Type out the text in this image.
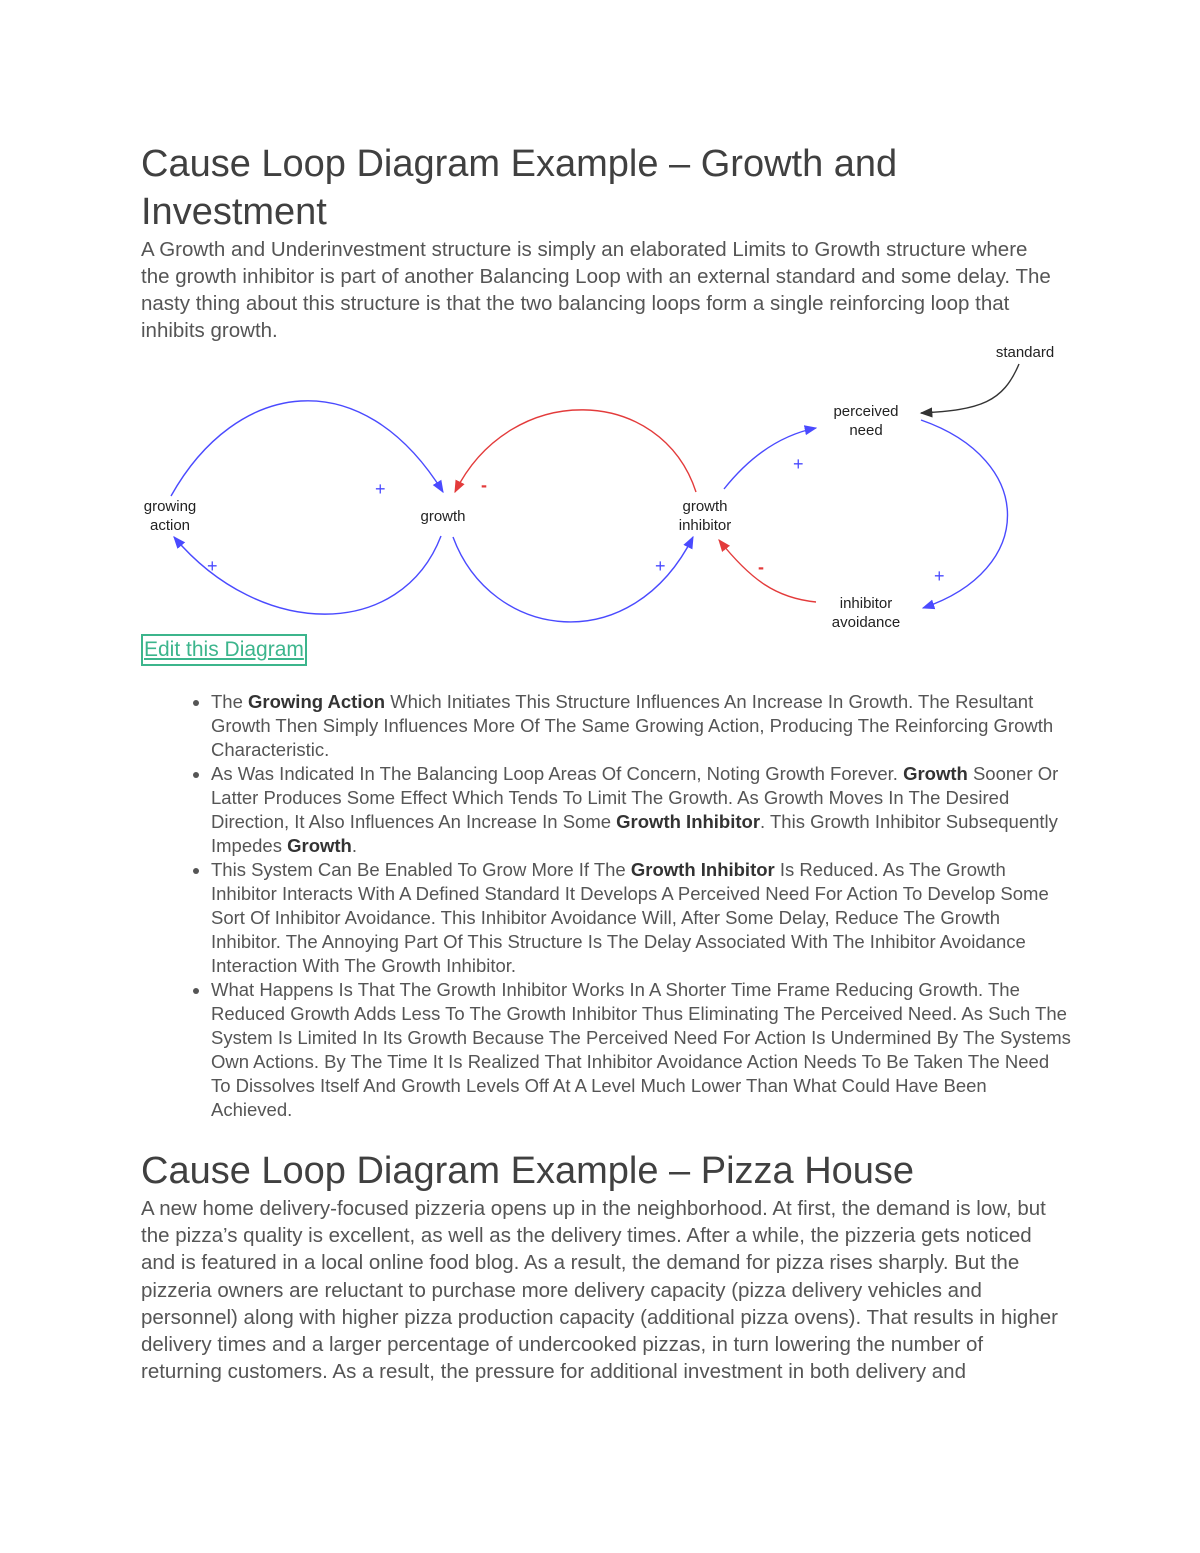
Cause Loop Diagram Example – Growth and Investment

A Growth and Underinvestment structure is simply an elaborated Limits to Growth structure where the growth inhibitor is part of another Balancing Loop with an external standard and some delay. The nasty thing about this structure is that the two balancing loops form a single reinforcing loop that inhibits growth.

growing
action
growth
growth
inhibitor
perceived
need
standard
inhibitor
avoidance
+
+
-
+
+
+
-
Edit this Diagram
• The Growing Action Which Initiates This Structure Influences An Increase In Growth. The Resultant Growth Then Simply Influences More Of The Same Growing Action, Producing The Reinforcing Growth Characteristic.
• As Was Indicated In The Balancing Loop Areas Of Concern, Noting Growth Forever. Growth Sooner Or Latter Produces Some Effect Which Tends To Limit The Growth. As Growth Moves In The Desired Direction, It Also Influences An Increase In Some Growth Inhibitor. This Growth Inhibitor Subsequently Impedes Growth.
• This System Can Be Enabled To Grow More If The Growth Inhibitor Is Reduced. As The Growth Inhibitor Interacts With A Defined Standard It Develops A Perceived Need For Action To Develop Some Sort Of Inhibitor Avoidance. This Inhibitor Avoidance Will, After Some Delay, Reduce The Growth Inhibitor. The Annoying Part Of This Structure Is The Delay Associated With The Inhibitor Avoidance Interaction With The Growth Inhibitor.
• What Happens Is That The Growth Inhibitor Works In A Shorter Time Frame Reducing Growth. The Reduced Growth Adds Less To The Growth Inhibitor Thus Eliminating The Perceived Need. As Such The System Is Limited In Its Growth Because The Perceived Need For Action Is Undermined By The Systems Own Actions. By The Time It Is Realized That Inhibitor Avoidance Action Needs To Be Taken The Need To Dissolves Itself And Growth Levels Off At A Level Much Lower Than What Could Have Been Achieved.
Cause Loop Diagram Example – Pizza House

A new home delivery-focused pizzeria opens up in the neighborhood. At first, the demand is low, but the pizza’s quality is excellent, as well as the delivery times. After a while, the pizzeria gets noticed and is featured in a local online food blog. As a result, the demand for pizza rises sharply. But the pizzeria owners are reluctant to purchase more delivery capacity (pizza delivery vehicles and personnel) along with higher pizza production capacity (additional pizza ovens). That results in higher delivery times and a larger percentage of undercooked pizzas, in turn lowering the number of returning customers. As a result, the pressure for additional investment in both delivery and
